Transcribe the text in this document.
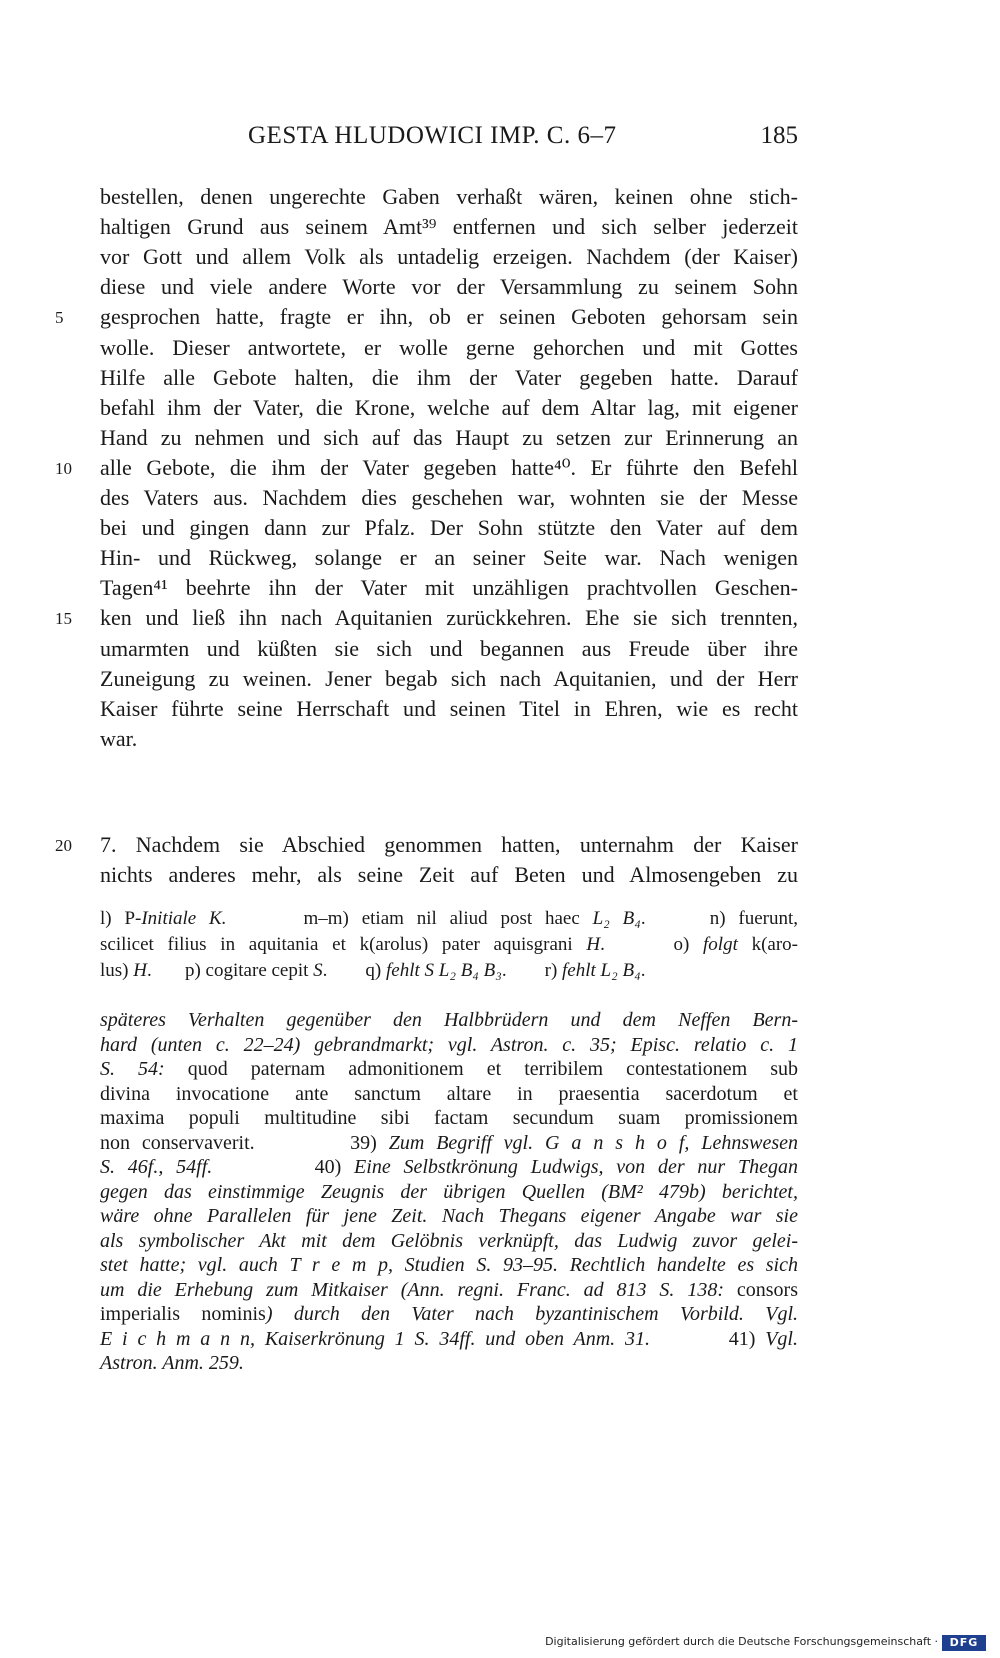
GESTA HLUDOWICI IMP. C. 6–7	185
bestellen, denen ungerechte Gaben verhaßt wären, keinen ohne stich-
haltigen Grund aus seinem Amt³⁹ entfernen und sich selber jederzeit
vor Gott und allem Volk als untadelig erzeigen. Nachdem (der Kaiser)
diese und viele andere Worte vor der Versammlung zu seinem Sohn
gesprochen hatte, fragte er ihn, ob er seinen Geboten gehorsam sein
5
wolle. Dieser antwortete, er wolle gerne gehorchen und mit Gottes
Hilfe alle Gebote halten, die ihm der Vater gegeben hatte. Darauf
befahl ihm der Vater, die Krone, welche auf dem Altar lag, mit eigener
Hand zu nehmen und sich auf das Haupt zu setzen zur Erinnerung an
alle Gebote, die ihm der Vater gegeben hatte⁴⁰. Er führte den Befehl
10
des Vaters aus. Nachdem dies geschehen war, wohnten sie der Messe
bei und gingen dann zur Pfalz. Der Sohn stützte den Vater auf dem
Hin- und Rückweg, solange er an seiner Seite war. Nach wenigen
Tagen⁴¹ beehrte ihn der Vater mit unzähligen prachtvollen Geschen-
ken und ließ ihn nach Aquitanien zurückkehren. Ehe sie sich trennten,
15
umarmten und küßten sie sich und begannen aus Freude über ihre
Zuneigung zu weinen. Jener begab sich nach Aquitanien, und der Herr
Kaiser führte seine Herrschaft und seinen Titel in Ehren, wie es recht
war.
7. Nachdem sie Abschied genommen hatten, unternahm der Kaiser
20
nichts anderes mehr, als seine Zeit auf Beten und Almosengeben zu
l) P-Initiale K.      m–m) etiam nil aliud post haec L₂ B₄.     n) fuerunt,
scilicet filius in aquitania et k(arolus) pater aquisgrani H.     o) folgt k(aro-
lus) H.       p) cogitare cepit S.        q) fehlt S L₂ B₄ B₃.        r) fehlt L₂ B₄.
späteres Verhalten gegenüber den Halbbrüdern und dem Neffen Bern-
hard (unten c. 22–24) gebrandmarkt; vgl. Astron. c. 35; Episc. relatio c. 1
S. 54: quod paternam admonitionem et terribilem contestationem sub
divina invocatione ante sanctum altare in praesentia sacerdotum et
maxima populi multitudine sibi factam secundum suam promissionem
non conservaverit.        39) Zum Begriff vgl. G a n s h o f, Lehnswesen
S. 46f., 54ff.        40) Eine Selbstkrönung Ludwigs, von der nur Thegan
gegen das einstimmige Zeugnis der übrigen Quellen (BM² 479b) berichtet,
wäre ohne Parallelen für jene Zeit. Nach Thegans eigener Angabe war sie
als symbolischer Akt mit dem Gelöbnis verknüpft, das Ludwig zuvor gelei-
stet hatte; vgl. auch T r e m p, Studien S. 93–95. Rechtlich handelte es sich
um die Erhebung zum Mitkaiser (Ann. regni. Franc. ad 813 S. 138: consors
imperialis nominis) durch den Vater nach byzantinischem Vorbild. Vgl.
E i c h m a n n, Kaiserkrönung 1 S. 34ff. und oben Anm. 31.        41) Vgl.
Astron. Anm. 259.
Digitalisierung gefördert durch die Deutsche Forschungsgemeinschaft ·	DFG
